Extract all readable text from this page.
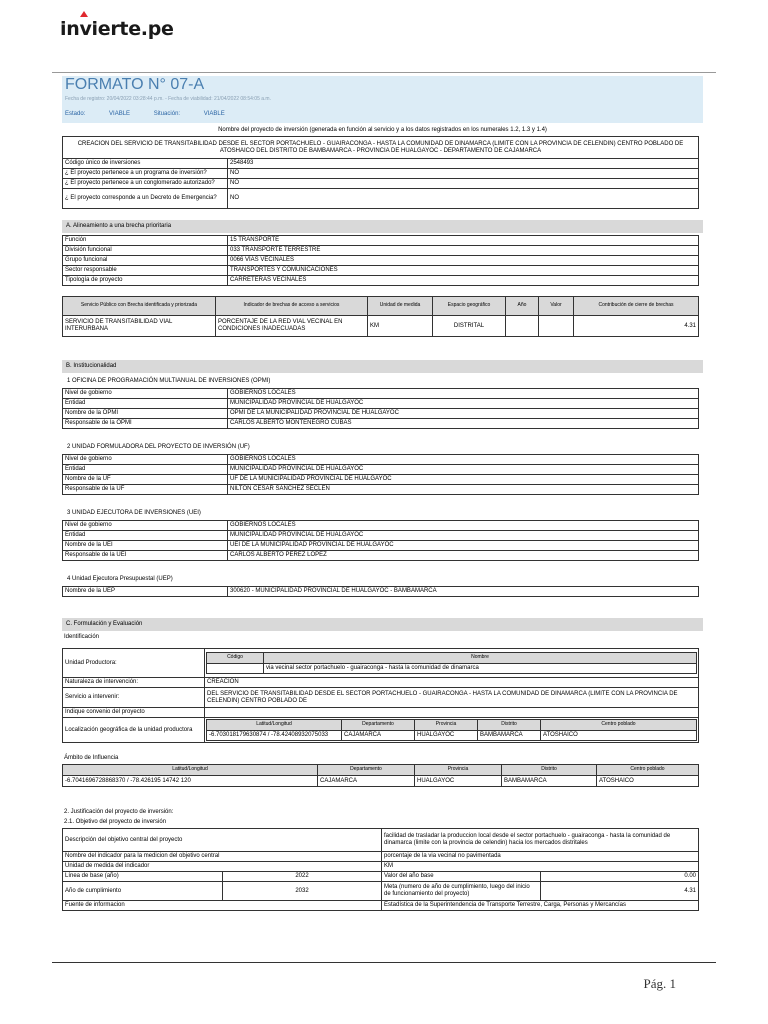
in
vierte.pe
FORMATO N° 07-A
Fecha de registro: 20/04/2022 03:28:44 p.m. - Fecha de viabilidad: 21/04/2022 08:54:05 a.m.
Estado:	VIABLE	Situación:	VIABLE
Nombre del proyecto de inversión (generada en función al servicio y a los datos registrados en los numerales 1.2, 1.3 y 1.4)
CREACION DEL SERVICIO DE TRANSITABILIDAD DESDE EL SECTOR PORTACHUELO - GUAIRACONGA - HASTA LA COMUNIDAD DE DINAMARCA (LIMITE CON LA PROVINCIA DE CELENDIN) CENTRO POBLADO DE ATOSHAICO DEL DISTRITO DE BAMBAMARCA - PROVINCIA DE HUALGAYOC - DEPARTAMENTO DE CAJAMARCA	
Código único de inversiones	2548493
¿ El proyecto pertenece a un programa de inversión?	NO
¿ El proyecto pertenece a un conglomerado autorizado?	NO
¿ El proyecto corresponde a un Decreto de Emergencia?	NO
A. Alineamiento a una brecha prioritaria
Función	15 TRANSPORTE
División funcional	033 TRANSPORTE TERRESTRE
Grupo funcional	0066 VÍAS VECINALES
Sector responsable	TRANSPORTES Y COMUNICACIONES
Tipología de proyecto	CARRETERAS VECINALES
Servicio Público con Brecha identificada y priorizada	Indicador de brechas de acceso a servicios	Unidad de medida	Espacio geográfico	Año	Valor	Contribución de cierre de brechas
SERVICIO DE TRANSITABILIDAD VIAL INTERURBANA	PORCENTAJE DE LA RED VIAL VECINAL EN CONDICIONES INADECUADAS	KM	DISTRITAL			4.31
B. Institucionalidad
1 OFICINA DE PROGRAMACIÓN MULTIANUAL DE INVERSIONES (OPMI)
Nivel de gobierno	GOBIERNOS LOCALES
Entidad	MUNICIPALIDAD PROVINCIAL DE HUALGAYOC
Nombre de la OPMI	OPMI DE LA MUNICIPALIDAD PROVINCIAL DE HUALGAYOC
Responsable de la OPMI	CARLOS ALBERTO MONTENEGRO CUBAS
2 UNIDAD FORMULADORA DEL PROYECTO DE INVERSIÓN (UF)
Nivel de gobierno	GOBIERNOS LOCALES
Entidad	MUNICIPALIDAD PROVINCIAL DE HUALGAYOC
Nombre de la UF	UF DE LA MUNICIPALIDAD PROVINCIAL DE HUALGAYOC
Responsable de la UF	NILTON CESAR SANCHEZ SECLEN
3 UNIDAD EJECUTORA DE INVERSIONES (UEI)
Nivel de gobierno	GOBIERNOS LOCALES
Entidad	MUNICIPALIDAD PROVINCIAL DE HUALGAYOC
Nombre de la UEI	UEI DE LA MUNICIPALIDAD PROVINCIAL DE HUALGAYOC
Responsable de la UEI	CARLOS ALBERTO PEREZ LOPEZ
4 Unidad Ejecutora Presupuestal (UEP)
Nombre de la UEP	300620 - MUNICIPALIDAD PROVINCIAL DE HUALGAYOC - BAMBAMARCA
C. Formulación y Evaluación
Identificación
Unidad Productora:	
Código	Nombre
	via vecinal sector portachuelo - guairaconga - hasta la comunidad de dinamarca

Naturaleza de intervención:	CREACION
Servicio a intervenir:	DEL SERVICIO DE TRANSITABILIDAD DESDE EL SECTOR PORTACHUELO - GUAIRACONGA - HASTA LA COMUNIDAD DE DINAMARCA (LIMITE CON LA PROVINCIA DE CELENDIN) CENTRO POBLADO DE
Indique convenio del proyecto	
Localización geográfica de la unidad productora	
Latitud/Longitud	Departamento	Provincia	Distrito	Centro poblado
-6.703018179630874 / -78.42408932075033	CAJAMARCA	HUALGAYOC	BAMBAMARCA	ATOSHAICO
Ámbito de Influencia
Latitud/Longitud	Departamento	Provincia	Distrito	Centro poblado
-6.7041696728868370 / -78.426195 14742 120	CAJAMARCA	HUALGAYOC	BAMBAMARCA	ATOSHAICO
2. Justificación del proyecto de inversión:
2.1. Objetivo del proyecto de inversión
Descripción del objetivo central del proyecto		facilidad de trasladar la produccion local desde el sector portachuelo - guairaconga - hasta la comunidad de dinamarca (limite con la provincia de celendin) hacia los mercados distritales	
Nombre del indicador para la medicion del objetivo central		porcentaje de la via vecinal no pavimentada	
Unidad de medida del indicador		KM	
Línea de base (año)	2022	Valor del año base	0.00
Año de cumplimiento	2032	Meta (numero de año de cumplimiento, luego del inicio de funcionamiento del proyecto)	4.31
Fuente de informacion		Estadística de la Superintendencia de Transporte Terrestre, Carga, Personas y Mercancías	
Pág. 1
